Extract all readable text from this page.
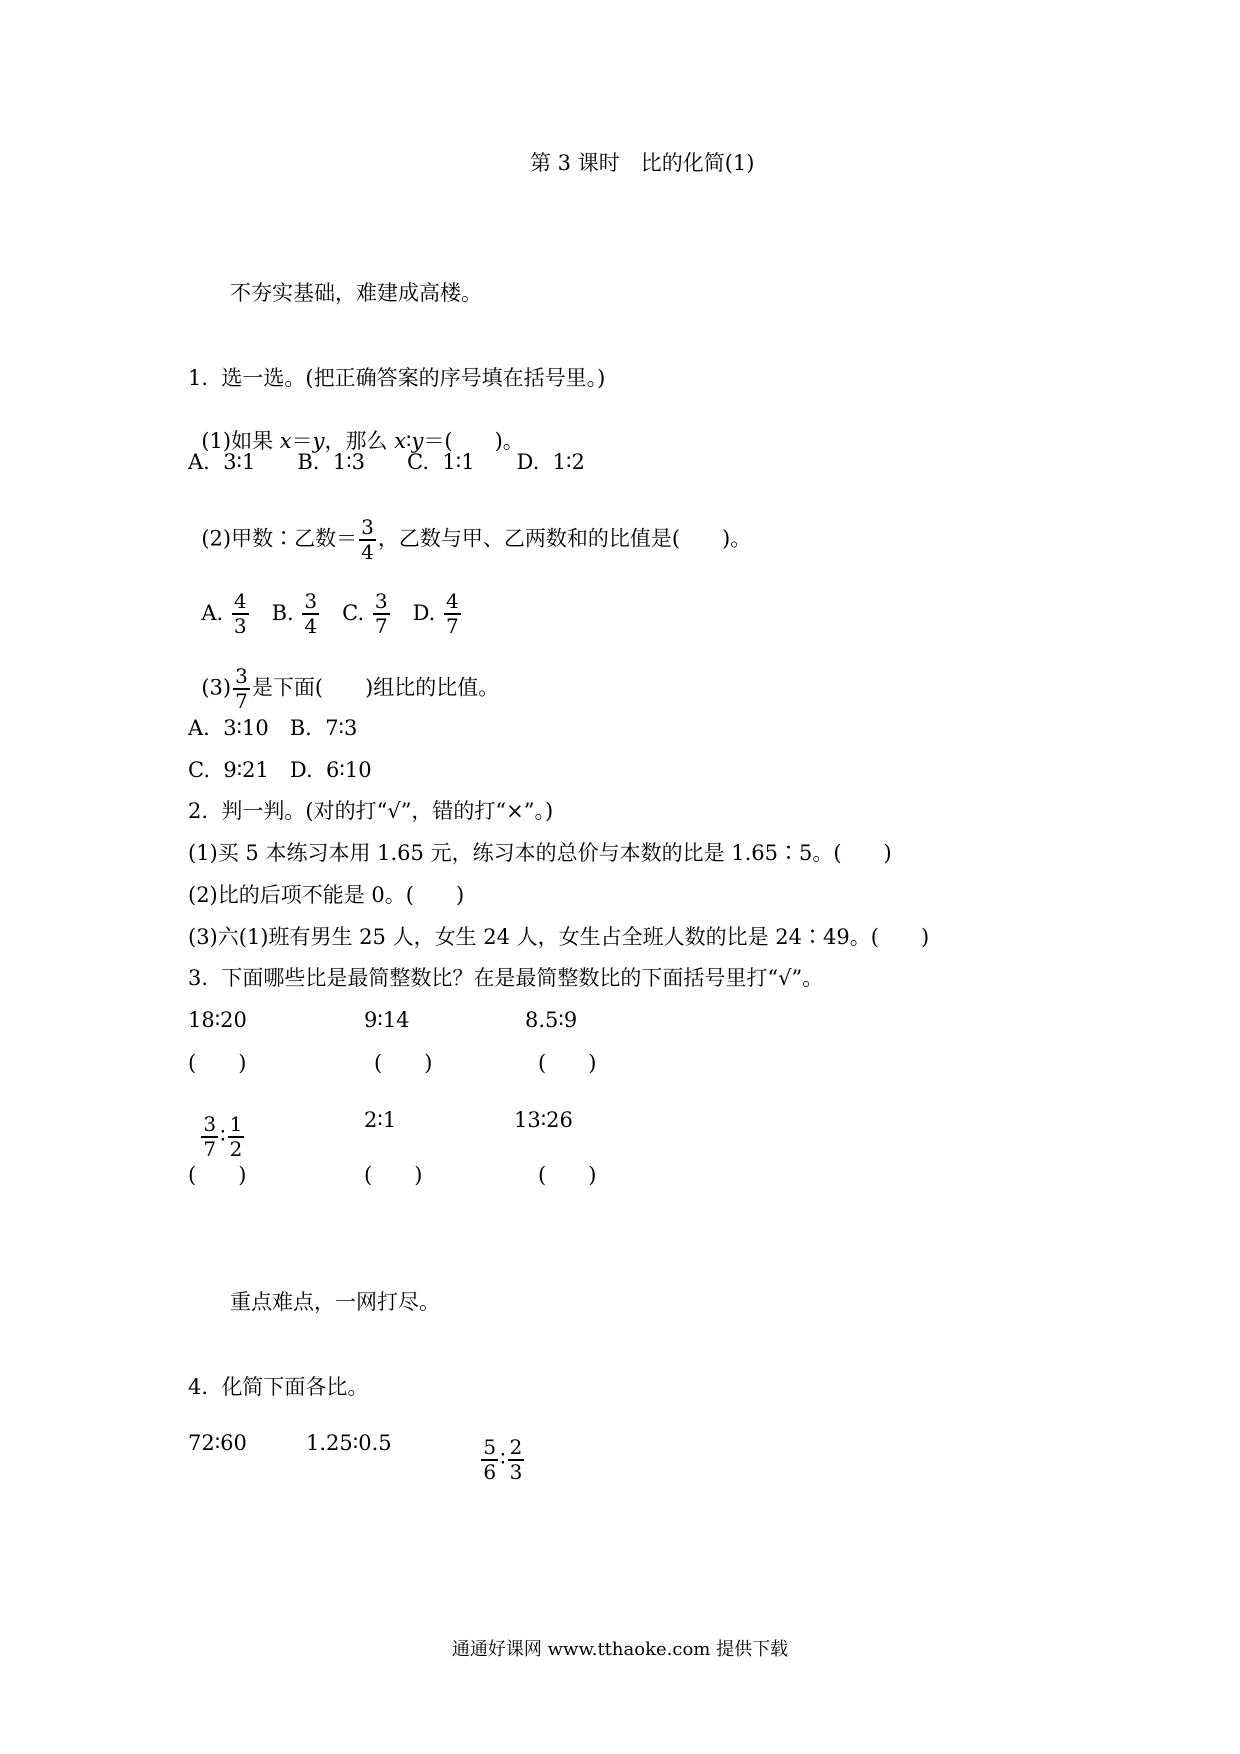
第 3 课时　比的化简(1)
不夯实基础，难建成高楼。
1.  选一选。(把正确答案的序号填在括号里。)

(1)如果 x＝y，那么 x∶y＝(　　)。

A.  3∶1　　B.  1∶3　　C.  1∶1　　D.  1∶2

(2)甲数∶乙数＝ $\frac{3}{4}$ ，乙数与甲、乙两数和的比值是(　　)。

A. $\frac{4}{3}$
  B. $\frac{3}{4}$
  C. $\frac{3}{7}$
  D. $\frac{4}{7}$

$(3) \frac{3}{7}$ 是下面(　　)组比的比值。

A.  3∶10　B.  7∶3
C.  9∶21　D.  6∶10
2.  判一判。(对的打“√”，错的打“×”。)
(1)买 5 本练习本用 1.65 元，练习本的总价与本数的比是 1.65∶5。(　　)
(2)比的后项不能是 0。(　　)
(3)六(1)班有男生 25 人，女生 24 人，女生占全班人数的比是 24∶49。(　　)
3.  下面哪些比是最简整数比？在是最简整数比的下面括号里打“√”。
18∶20	9∶14	8.5∶9
(　　)	(　　)	(　　)

$\frac{3}{7}$ ∶ $\frac{1}{2}$	2∶1	13∶26
(　　)	(　　)	(　　)
重点难点，一网打尽。
4.  化简下面各比。
72∶60	1.25∶0.5

	$\frac{5}{6}$ ∶ $\frac{2}{3}$

通通好课网 www.tthaoke.com 提供下载
